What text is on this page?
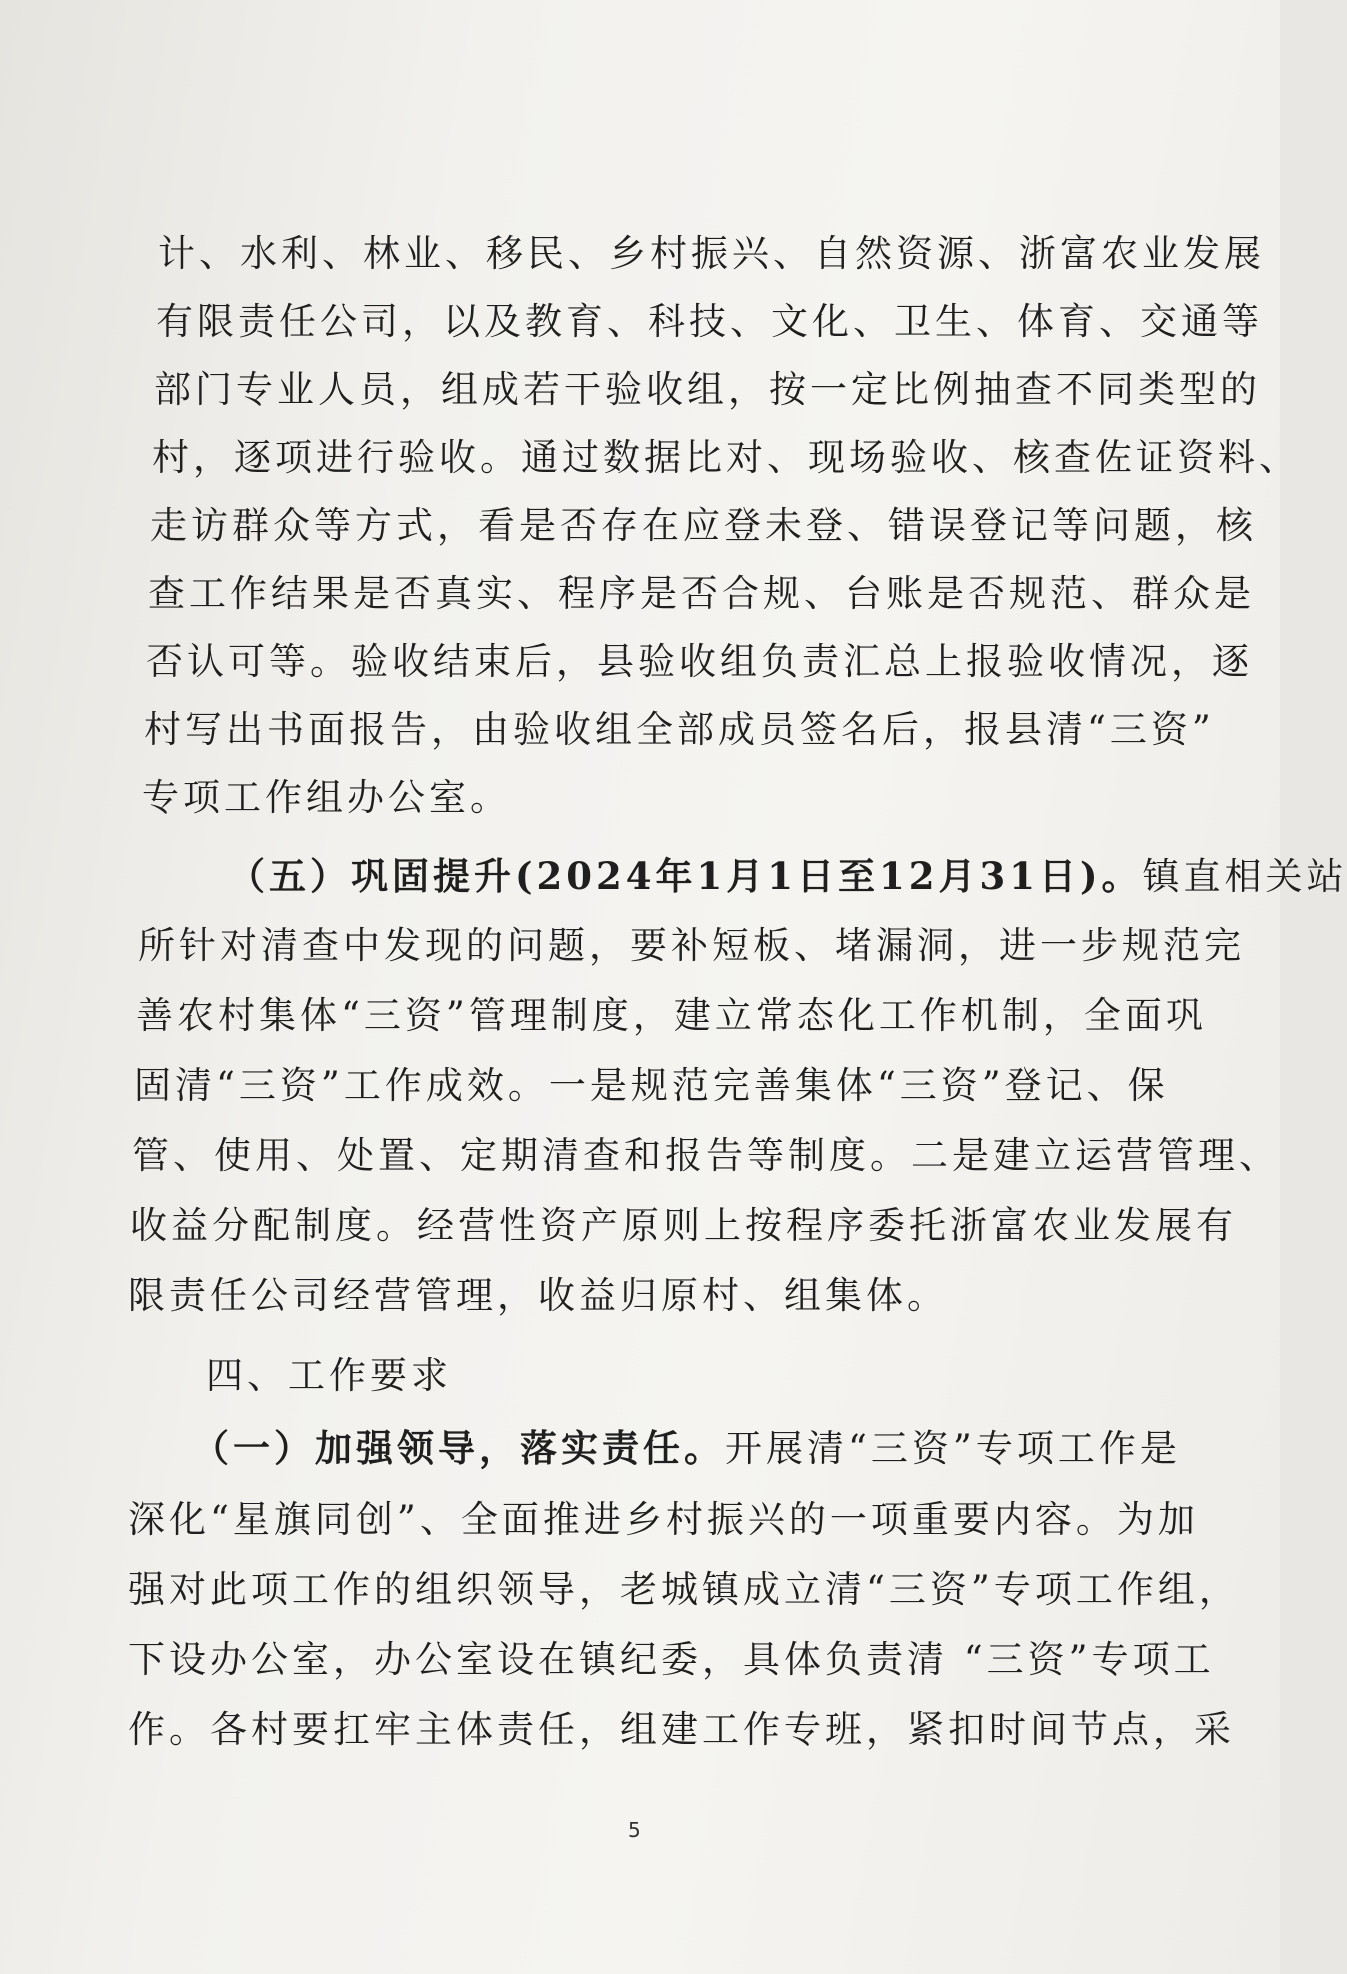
计、水利、林业、移民、乡村振兴、自然资源、浙富农业发展
有限责任公司，以及教育、科技、文化、卫生、体育、交通等
部门专业人员，组成若干验收组，按一定比例抽查不同类型的
村，逐项进行验收。通过数据比对、现场验收、核查佐证资料、
走访群众等方式，看是否存在应登未登、错误登记等问题，核
查工作结果是否真实、程序是否合规、台账是否规范、群众是
否认可等。验收结束后，县验收组负责汇总上报验收情况，逐
村写出书面报告，由验收组全部成员签名后，报县清“三资”
专项工作组办公室。
（五）巩固提升(2024年1月1日至12月31日)。镇直相关站
所针对清查中发现的问题，要补短板、堵漏洞，进一步规范完
善农村集体“三资”管理制度，建立常态化工作机制，全面巩
固清“三资”工作成效。一是规范完善集体“三资”登记、保
管、使用、处置、定期清查和报告等制度。二是建立运营管理、
收益分配制度。经营性资产原则上按程序委托浙富农业发展有
限责任公司经营管理，收益归原村、组集体。
四、工作要求
（一）加强领导，落实责任。开展清“三资”专项工作是
深化“星旗同创”、全面推进乡村振兴的一项重要内容。为加
强对此项工作的组织领导，老城镇成立清“三资”专项工作组，
下设办公室，办公室设在镇纪委，具体负责清 “三资”专项工
作。各村要扛牢主体责任，组建工作专班，紧扣时间节点，采
5
